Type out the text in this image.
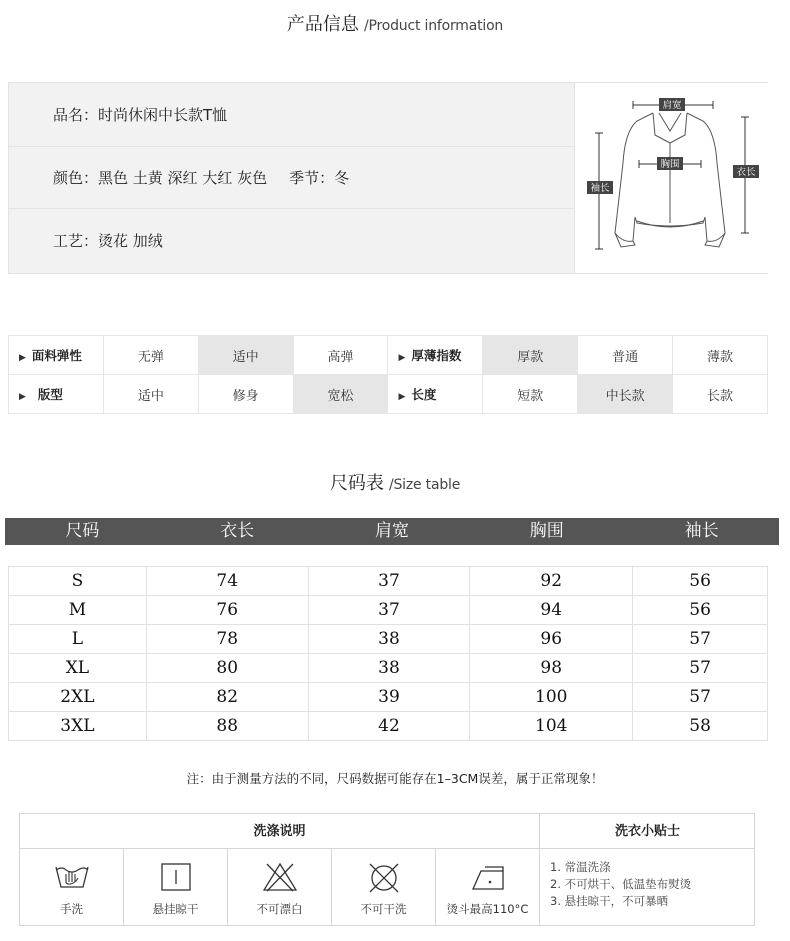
产品信息 /Product information
品名： 时尚休闲中长款T恤
颜色： 黑色 土黄 深红 大红 灰色 季节： 冬
工艺： 烫花 加绒
肩宽
胸围
衣长
袖长
▶ 面料弹性	无弹	适中	高弹	▶ 厚薄指数	厚款	普通	薄款
▶ 版型	适中	修身	宽松	▶ 长度	短款	中长款	长款
尺码表 /Size table
尺码	衣长	肩宽	胸围	袖长
S	74	37	92	56
M	76	37	94	56
L	78	38	96	57
XL	80	38	98	57
2XL	82	39	100	57
3XL	88	42	104	58
注：由于测量方法的不同，尺码数据可能存在1–3CM误差，属于正常现象！
洗涤说明	洗衣小贴士
手洗	悬挂晾干	不可漂白	不可干洗	烫斗最高110°C
1. 常温洗涤
2. 不可烘干、低温垫布熨烫
3. 悬挂晾干，不可暴晒
